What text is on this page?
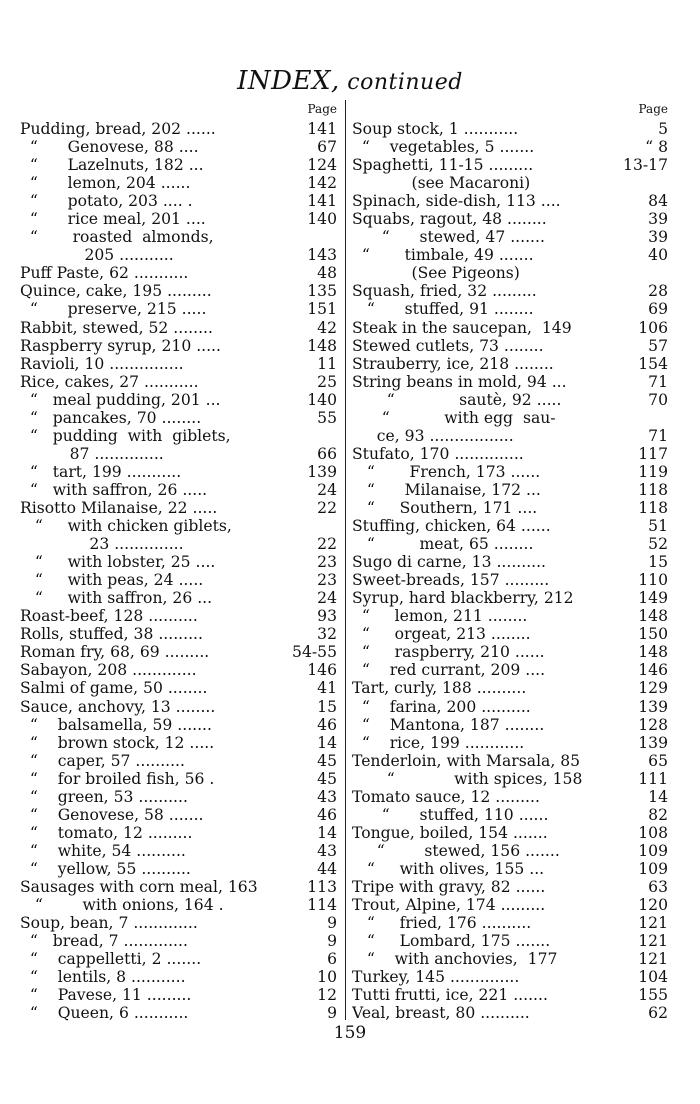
INDEX, continued
Page
Pudding, bread, 202 ......	141
“      Genovese, 88 ....	67
“      Lazelnuts, 182 ...	124
“      lemon, 204 ......	142
“      potato, 203 .... .	141
“      rice meal, 201 ....	140
“       roasted  almonds,
205 ...........	143
Puff Paste, 62 ...........	48
Quince, cake, 195 .........	135
“      preserve, 215 .....	151
Rabbit, stewed, 52 ........	42
Raspberry syrup, 210 .....	148
Ravioli, 10 ...............	11
Rice, cakes, 27 ...........	25
“   meal pudding, 201 ...	140
“   pancakes, 70 ........	55
“   pudding  with  giblets,
87 ..............	66
“   tart, 199 ...........	139
“   with saffron, 26 .....	24
Risotto Milanaise, 22 .....	22
“     with chicken giblets,
23 ..............	22
“     with lobster, 25 ....	23
“     with peas, 24 .....	23
“     with saffron, 26 ...	24
Roast-beef, 128 ..........	93
Rolls, stuffed, 38 .........	32
Roman fry, 68, 69 .........	54-55
Sabayon, 208 .............	146
Salmi of game, 50 ........	41
Sauce, anchovy, 13 ........	15
“    balsamella, 59 .......	46
“    brown stock, 12 .....	14
“    caper, 57 ..........	45
“    for broiled fish, 56 .	45
“    green, 53 ..........	43
“    Genovese, 58 .......	46
“    tomato, 12 .........	14
“    white, 54 ..........	43
“    yellow, 55 ..........	44
Sausages with corn meal, 163	113
“        with onions, 164 .	114
Soup, bean, 7 .............	9
“   bread, 7 .............	9
“    cappelletti, 2 .......	6
“    lentils, 8 ...........	10
“    Pavese, 11 .........	12
“    Queen, 6 ...........	9
Page
Soup stock, 1 ...........	5
“    vegetables, 5 .......	“ 8
Spaghetti, 11-15 .........	13-17
(see Macaroni)
Spinach, side-dish, 113 ....	84
Squabs, ragout, 48 ........	39
“      stewed, 47 .......	39
“       timbale, 49 .......	40
(See Pigeons)
Squash, fried, 32 .........	28
“      stuffed, 91 ........	69
Steak in the saucepan,  149	106
Stewed cutlets, 73 ........	57
Strauberry, ice, 218 ........	154
String beans in mold, 94 ...	71
“             sautè, 92 .....	70
“           with egg  sau-
ce, 93 .................	71
Stufato, 170 ..............	117
“       French, 173 ......	119
“      Milanaise, 172 ...	118
“     Southern, 171 ....	118
Stuffing, chicken, 64 ......	51
“         meat, 65 ........	52
Sugo di carne, 13 ..........	15
Sweet-breads, 157 .........	110
Syrup, hard blackberry, 212	149
“     lemon, 211 ........	148
“     orgeat, 213 ........	150
“     raspberry, 210 ......	148
“    red currant, 209 ....	146
Tart, curly, 188 ..........	129
“    farina, 200 ..........	139
“    Mantona, 187 ........	128
“    rice, 199 ............	139
Tenderloin, with Marsala, 85	65
“            with spices, 158	111
Tomato sauce, 12 .........	14
“      stuffed, 110 ......	82
Tongue, boiled, 154 .......	108
“        stewed, 156 .......	109
“     with olives, 155 ...	109
Tripe with gravy, 82 ......	63
Trout, Alpine, 174 .........	120
“     fried, 176 ..........	121
“     Lombard, 175 .......	121
“    with anchovies,  177	121
Turkey, 145 ..............	104
Tutti frutti, ice, 221 .......	155
Veal, breast, 80 ..........	62
159
